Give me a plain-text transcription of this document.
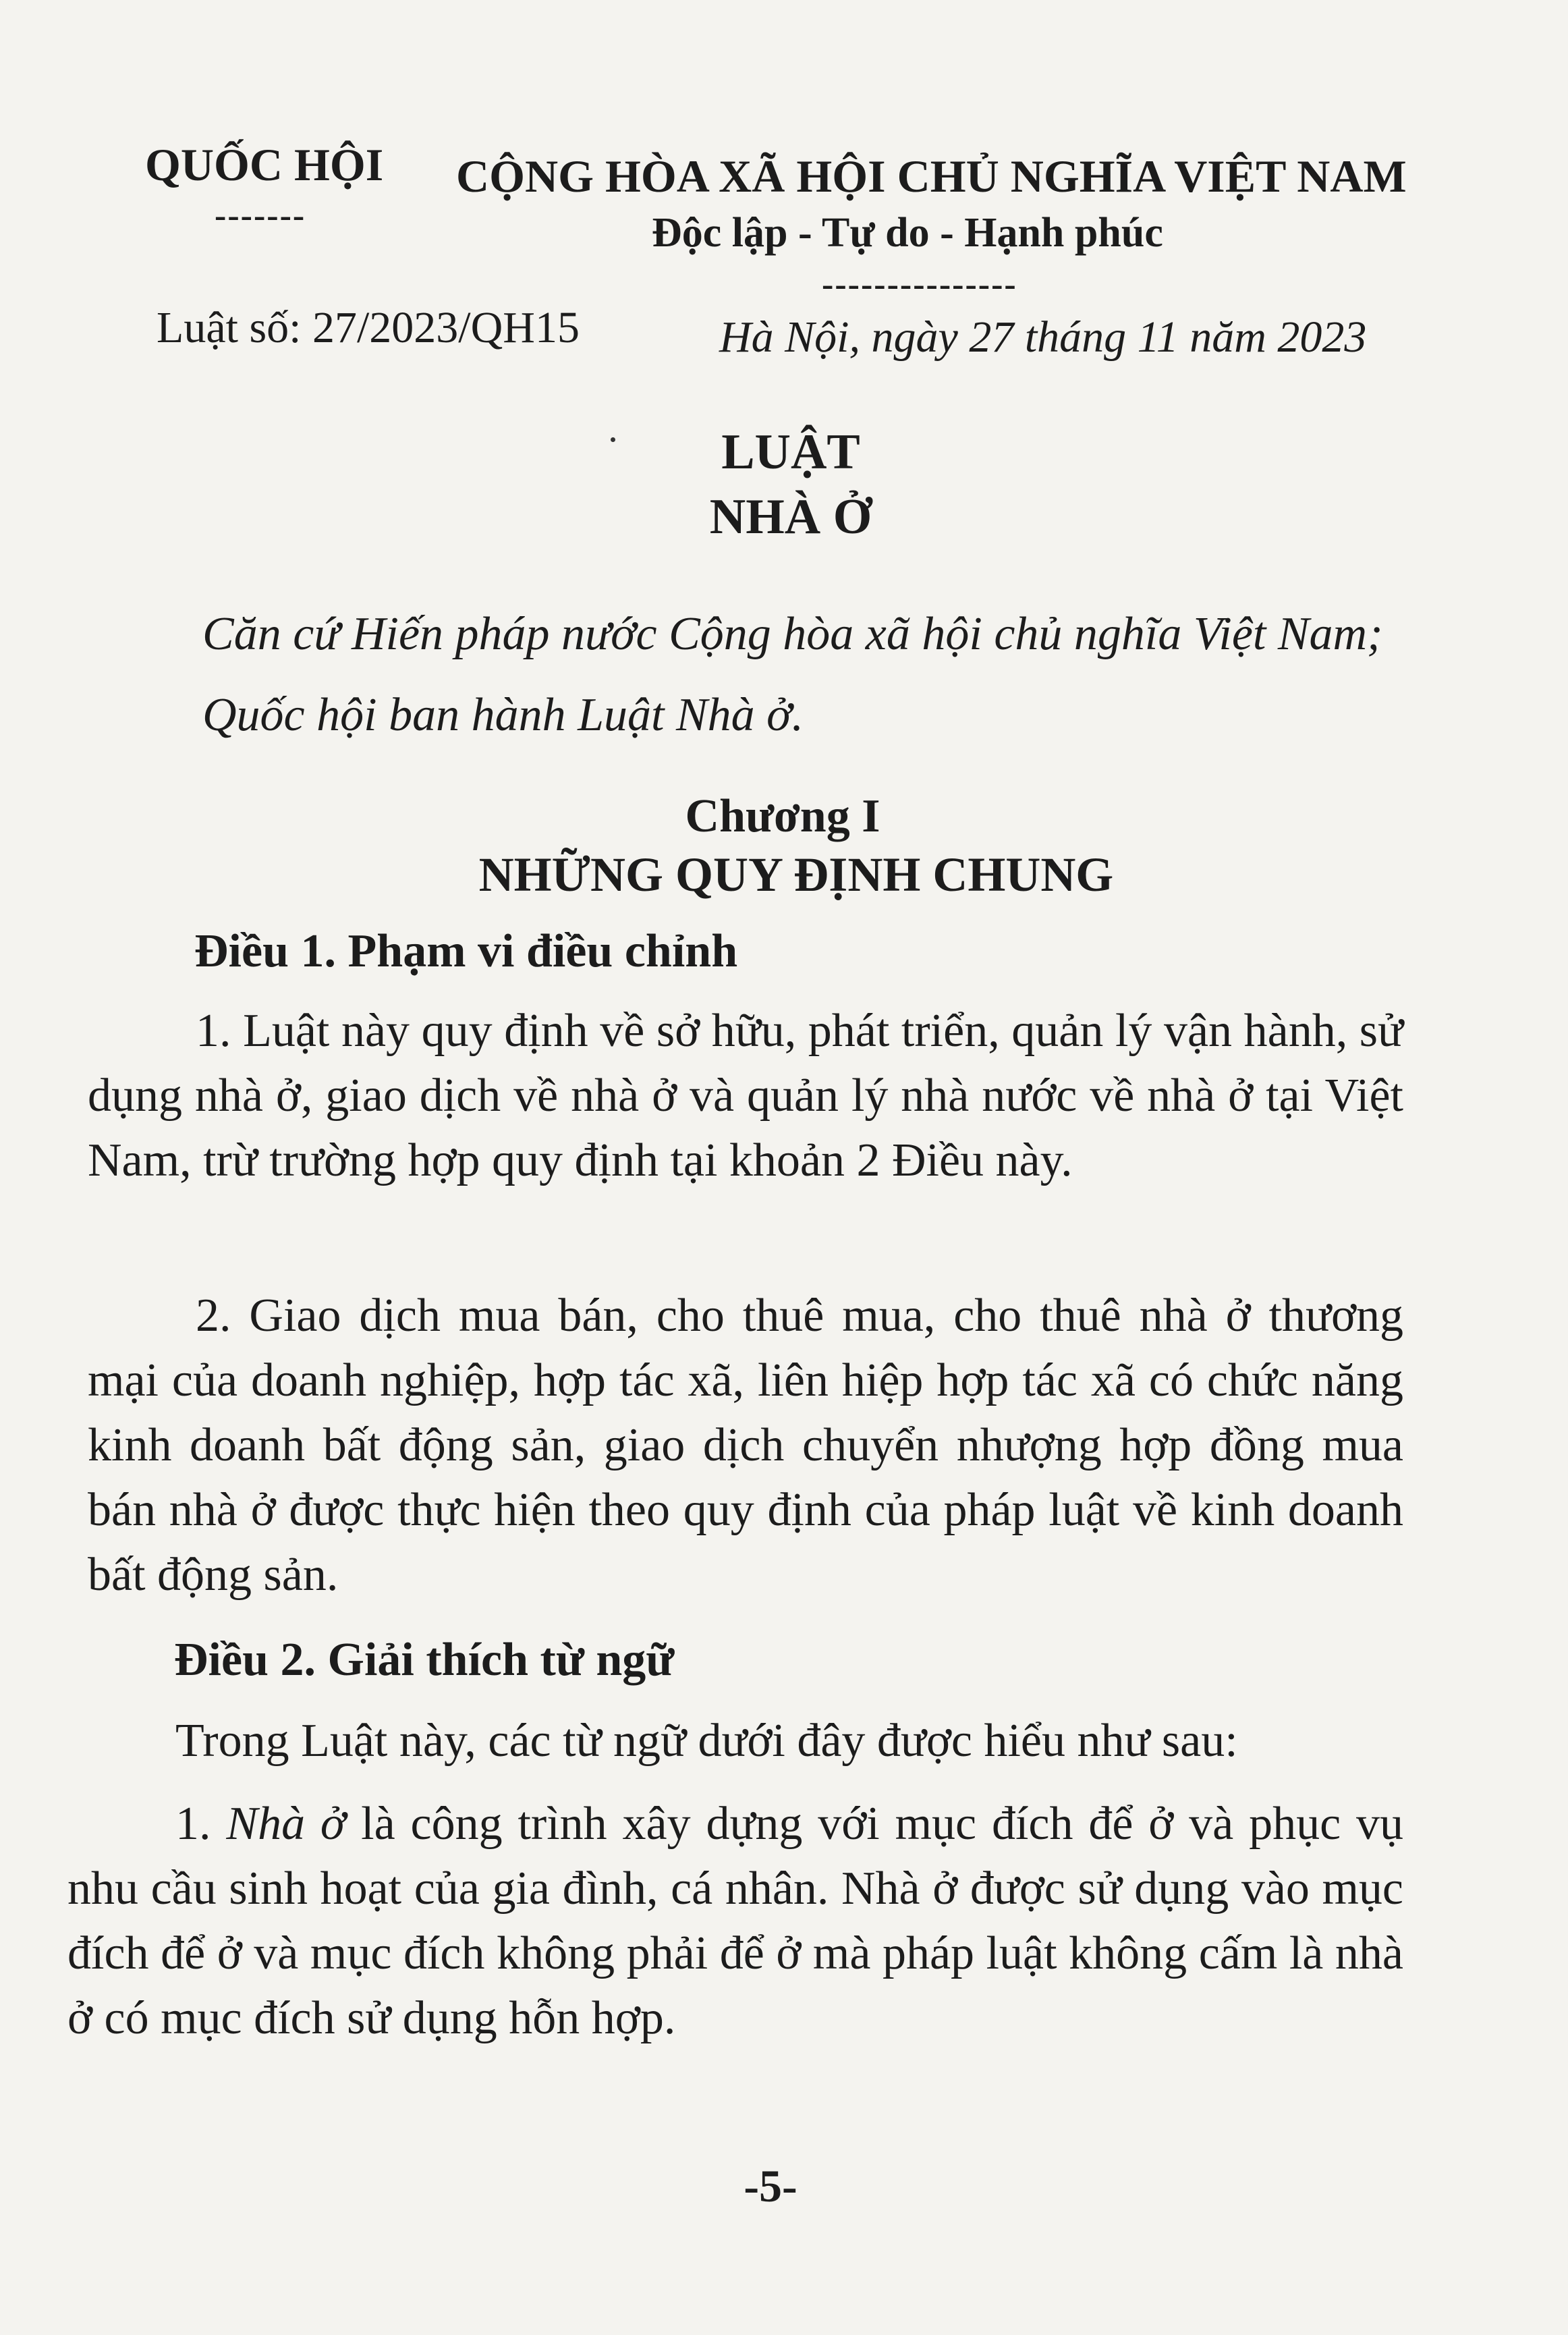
QUỐC HỘI
-------
CỘNG HÒA XÃ HỘI CHỦ NGHĨA VIỆT NAM
Độc lập - Tự do - Hạnh phúc
---------------
Luật số: 27/2023/QH15	Hà Nội, ngày 27 tháng 11 năm 2023
LUẬT
NHÀ Ở
Căn cứ Hiến pháp nước Cộng hòa xã hội chủ nghĩa Việt Nam;
Quốc hội ban hành Luật Nhà ở.
Chương I
NHỮNG QUY ĐỊNH CHUNG
Điều 1. Phạm vi điều chỉnh
1. Luật này quy định về sở hữu, phát triển, quản lý vận hành, sử dụng nhà ở, giao dịch về nhà ở và quản lý nhà nước về nhà ở tại Việt Nam, trừ trường hợp quy định tại khoản 2 Điều này.
2. Giao dịch mua bán, cho thuê mua, cho thuê nhà ở thương mại của doanh nghiệp, hợp tác xã, liên hiệp hợp tác xã có chức năng kinh doanh bất động sản, giao dịch chuyển nhượng hợp đồng mua bán nhà ở được thực hiện theo quy định của pháp luật về kinh doanh bất động sản.
Điều 2. Giải thích từ ngữ
Trong Luật này, các từ ngữ dưới đây được hiểu như sau:
1. Nhà ở là công trình xây dựng với mục đích để ở và phục vụ nhu cầu sinh hoạt của gia đình, cá nhân. Nhà ở được sử dụng vào mục đích để ở và mục đích không phải để ở mà pháp luật không cấm là nhà ở có mục đích sử dụng hỗn hợp.
-5-
